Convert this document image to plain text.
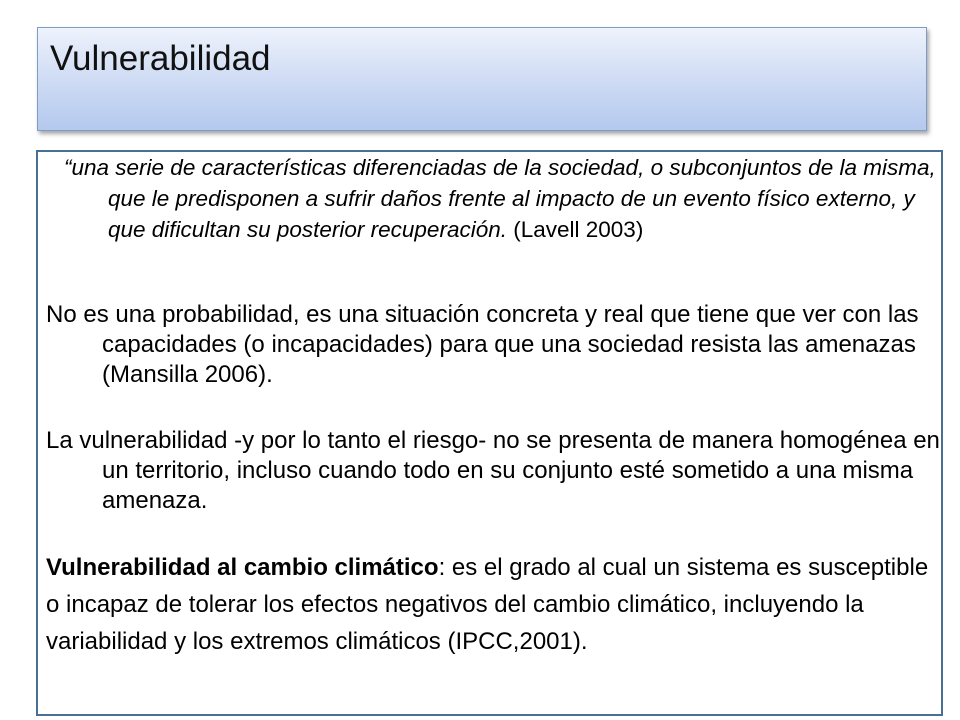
Vulnerabilidad

“una serie de características diferenciadas de la sociedad, o subconjuntos de la misma, que le predisponen a sufrir daños frente al impacto de un evento físico externo, y que dificultan su posterior recuperación. (Lavell 2003)

No es una probabilidad, es una situación concreta y real que tiene que ver con las capacidades (o incapacidades) para que una sociedad resista las amenazas (Mansilla 2006).

La vulnerabilidad -y por lo tanto el riesgo- no se presenta de manera homogénea en un territorio, incluso cuando todo en su conjunto esté sometido a una misma amenaza.

Vulnerabilidad al cambio climático: es el grado al cual un sistema es susceptible o incapaz de tolerar los efectos negativos del cambio climático, incluyendo la variabilidad y los extremos climáticos (IPCC,2001).
